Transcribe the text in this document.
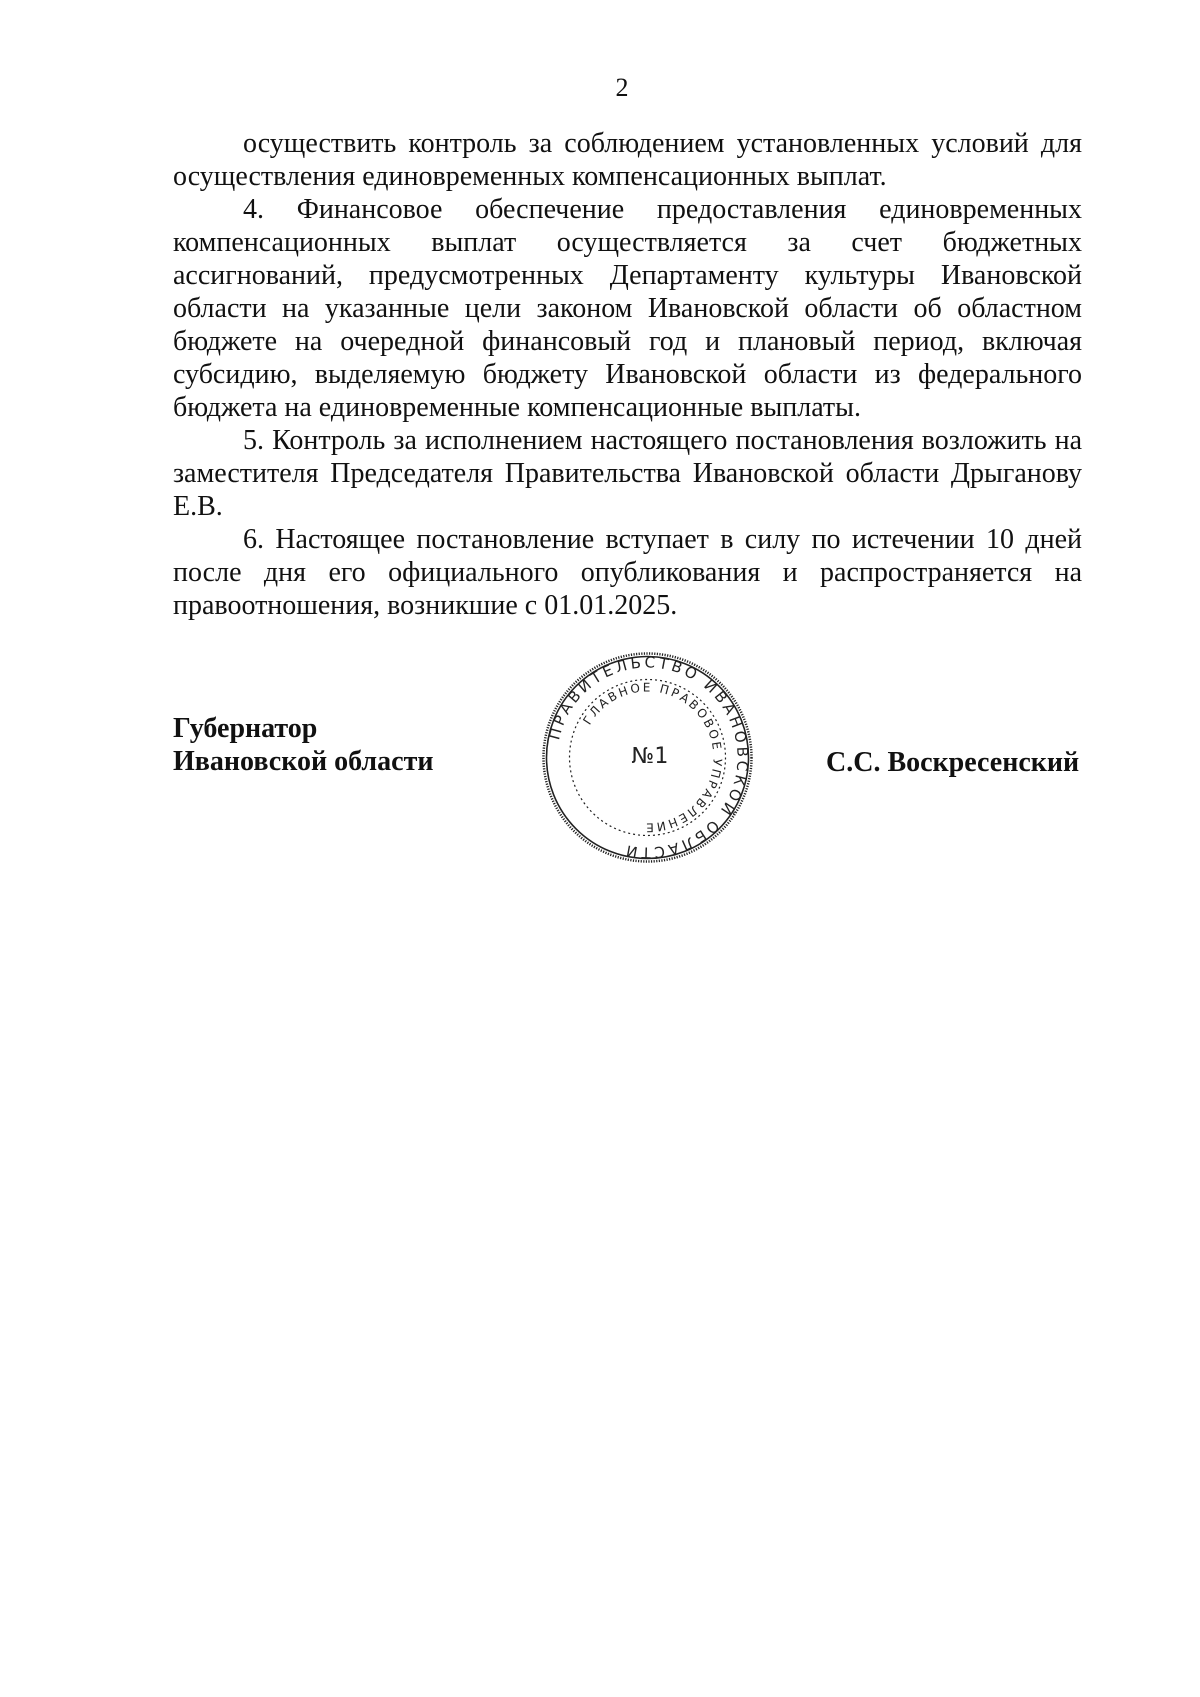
2

осуществить контроль за соблюдением установленных условий для осуществления единовременных компенсационных выплат.

4. Финансовое обеспечение предоставления единовременных компенсационных выплат осуществляется за счет бюджетных ассигнований, предусмотренных Департаменту культуры Ивановской области на указанные цели законом Ивановской области об областном бюджете на очередной финансовый год и плановый период, включая субсидию, выделяемую бюджету Ивановской области из федерального бюджета на единовременные компенсационные выплаты.

5. Контроль за исполнением настоящего постановления возложить на заместителя Председателя Правительства Ивановской области Дрыганову Е.В.

6. Настоящее постановление вступает в силу по истечении 10 дней после дня его официального опубликования и распространяется на правоотношения, возникшие с 01.01.2025.

Губернатор
Ивановской области
ПРАВИТЕЛЬСТВО ИВАНОВСКОЙ ОБЛАСТИ
ГЛАВНОЕ ПРАВОВОЕ УПРАВЛЕНИЕ
№1	С.С. Воскресенский
